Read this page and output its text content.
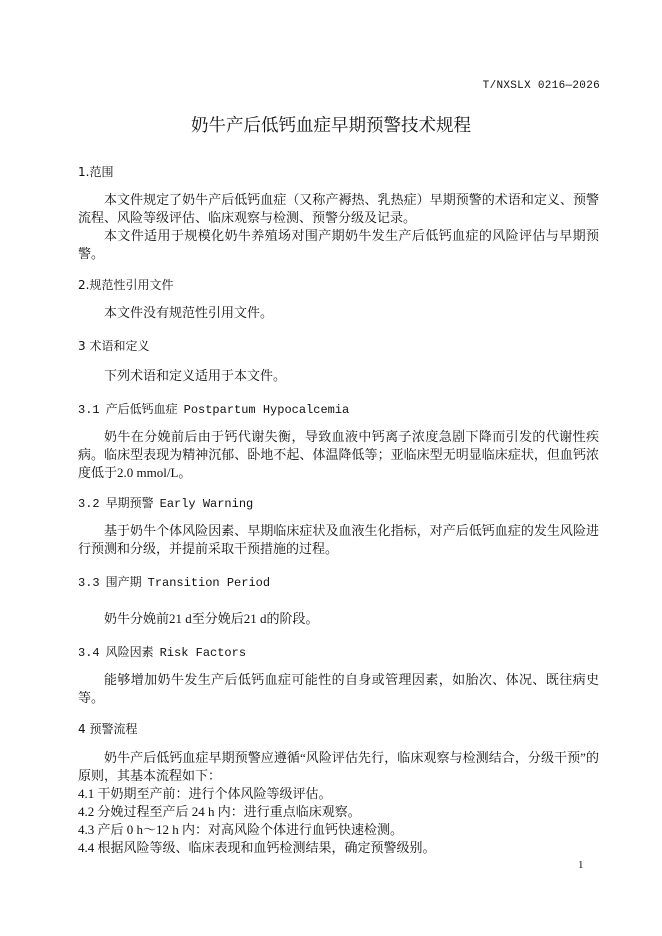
T/NXSLX 0216—2026
奶牛产后低钙血症早期预警技术规程
1.范围

本文件规定了奶牛产后低钙血症（又称产褥热、乳热症）早期预警的术语和定义、预警流程、风险等级评估、临床观察与检测、预警分级及记录。

本文件适用于规模化奶牛养殖场对围产期奶牛发生产后低钙血症的风险评估与早期预警。

2.规范性引用文件

本文件没有规范性引用文件。

3 术语和定义

下列术语和定义适用于本文件。

3.1 产后低钙血症 Postpartum Hypocalcemia

奶牛在分娩前后由于钙代谢失衡，导致血液中钙离子浓度急剧下降而引发的代谢性疾病。临床型表现为精神沉郁、卧地不起、体温降低等；亚临床型无明显临床症状，但血钙浓度低于2.0 mmol/L。

3.2 早期预警 Early Warning

基于奶牛个体风险因素、早期临床症状及血液生化指标，对产后低钙血症的发生风险进行预测和分级，并提前采取干预措施的过程。

3.3 围产期 Transition Period

奶牛分娩前21 d至分娩后21 d的阶段。

3.4 风险因素 Risk Factors

能够增加奶牛发生产后低钙血症可能性的自身或管理因素，如胎次、体况、既往病史等。

4 预警流程

奶牛产后低钙血症早期预警应遵循“风险评估先行，临床观察与检测结合，分级干预”的原则，其基本流程如下：

4.1 干奶期至产前：进行个体风险等级评估。
4.2 分娩过程至产后 24 h 内：进行重点临床观察。
4.3 产后 0 h～12 h 内：对高风险个体进行血钙快速检测。
4.4 根据风险等级、临床表现和血钙检测结果，确定预警级别。
1
